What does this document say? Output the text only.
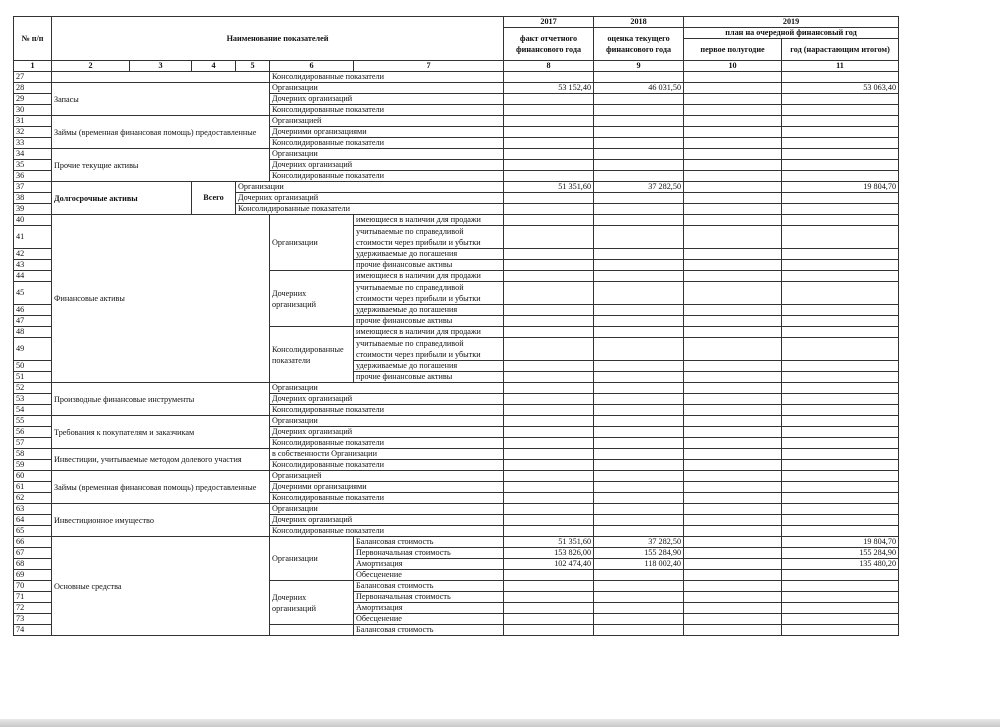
№ п/п	Наименование показателей						2017	2018	2019	
							факт отчетного финансового года	оценка текущего финансового года	план на очередной финансовый год	
									первое полугодие	год (нарастающим итогом)
1	2	3	4	5	6	7	8	9	10	11
27					Консолидированные показатели					
28	Запасы				Организации		53 152,40	46 031,50		53 063,40
29					Дочерних организаций					
30					Консолидированные показатели					
31	Займы (временная финансовая помощь) предоставленные				Организацией					
32					Дочерними организациями					
33					Консолидированные показатели					
34	Прочие текущие активы				Организации					
35					Дочерних организаций					
36					Консолидированные показатели					
37	Долгосрочные активы		Всего	Организации			51 351,60	37 282,50		19 804,70
38				Дочерних организаций						
39				Консолидированные показатели						
40	Финансовые активы				Организации	имеющиеся в наличии для продажи				
41						учитываемые по справедливой стоимости через прибыли и убытки				
42						удерживаемые до погашения				
43						прочие финансовые активы				
44					Дочерних организаций	имеющиеся в наличии для продажи				
45						учитываемые по справедливой стоимости через прибыли и убытки				
46						удерживаемые до погашения				
47						прочие финансовые активы				
48					Консолидированные показатели	имеющиеся в наличии для продажи				
49						учитываемые по справедливой стоимости через прибыли и убытки				
50						удерживаемые до погашения				
51						прочие финансовые активы				
52	Производные финансовые инструменты				Организации					
53					Дочерних организаций					
54					Консолидированные показатели					
55	Требования к покупателям и заказчикам				Организации					
56					Дочерних организаций					
57					Консолидированные показатели					
58	Инвестиции, учитываемые методом долевого участия				в собственности Организации					
59					Консолидированные показатели					
60	Займы (временная финансовая помощь) предоставленные				Организацией					
61					Дочерними организациями					
62					Консолидированные показатели					
63	Инвестиционное имущество				Организации					
64					Дочерних организаций					
65					Консолидированные показатели					
66	Основные средства				Организации	Балансовая стоимость	51 351,60	37 282,50		19 804,70
67						Первоначальная стоимость	153 826,00	155 284,90		155 284,90
68						Амортизация	102 474,40	118 002,40		135 480,20
69						Обесценение				
70					Дочерних организаций	Балансовая стоимость				
71						Первоначальная стоимость				
72						Амортизация				
73						Обесценение				
74						Балансовая стоимость				
